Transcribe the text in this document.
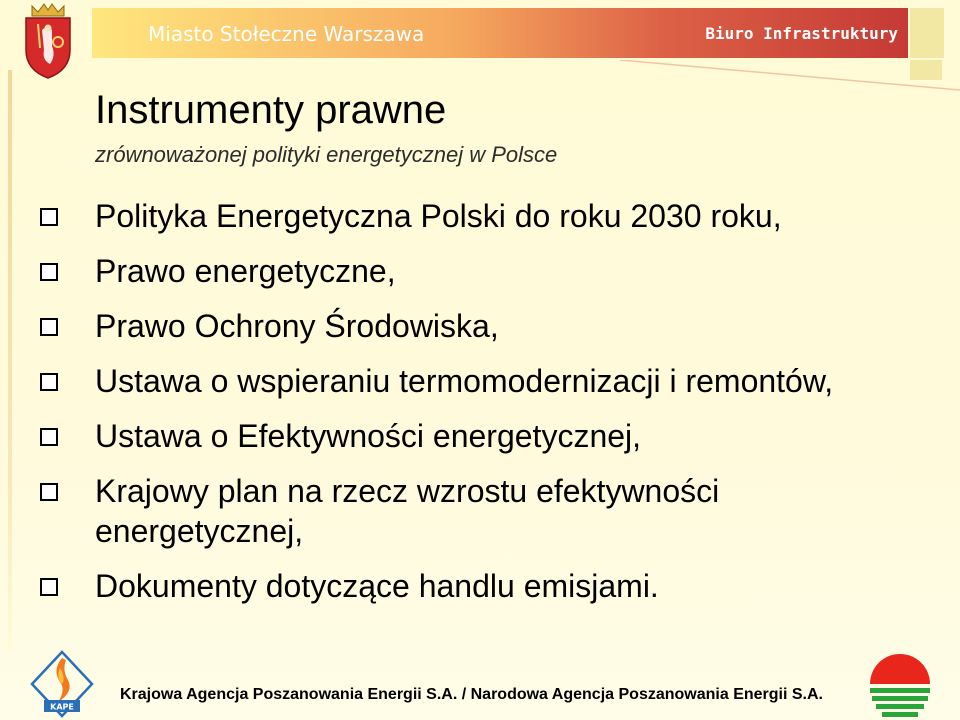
Miasto Stołeczne Warszawa	Biuro Infrastruktury
Instrumenty prawne
zrównoważonej polityki energetycznej w Polsce
Polityka Energetyczna Polski do roku 2030 roku,
Prawo energetyczne,
Prawo Ochrony Środowiska,
Ustawa o wspieraniu termomodernizacji i remontów,
Ustawa o Efektywności energetycznej,
Krajowy plan na rzecz wzrostu efektywności energetycznej,
Dokumenty dotyczące handlu emisjami.
KAPE
Krajowa Agencja Poszanowania Energii S.A. / Narodowa Agencja Poszanowania Energii S.A.
